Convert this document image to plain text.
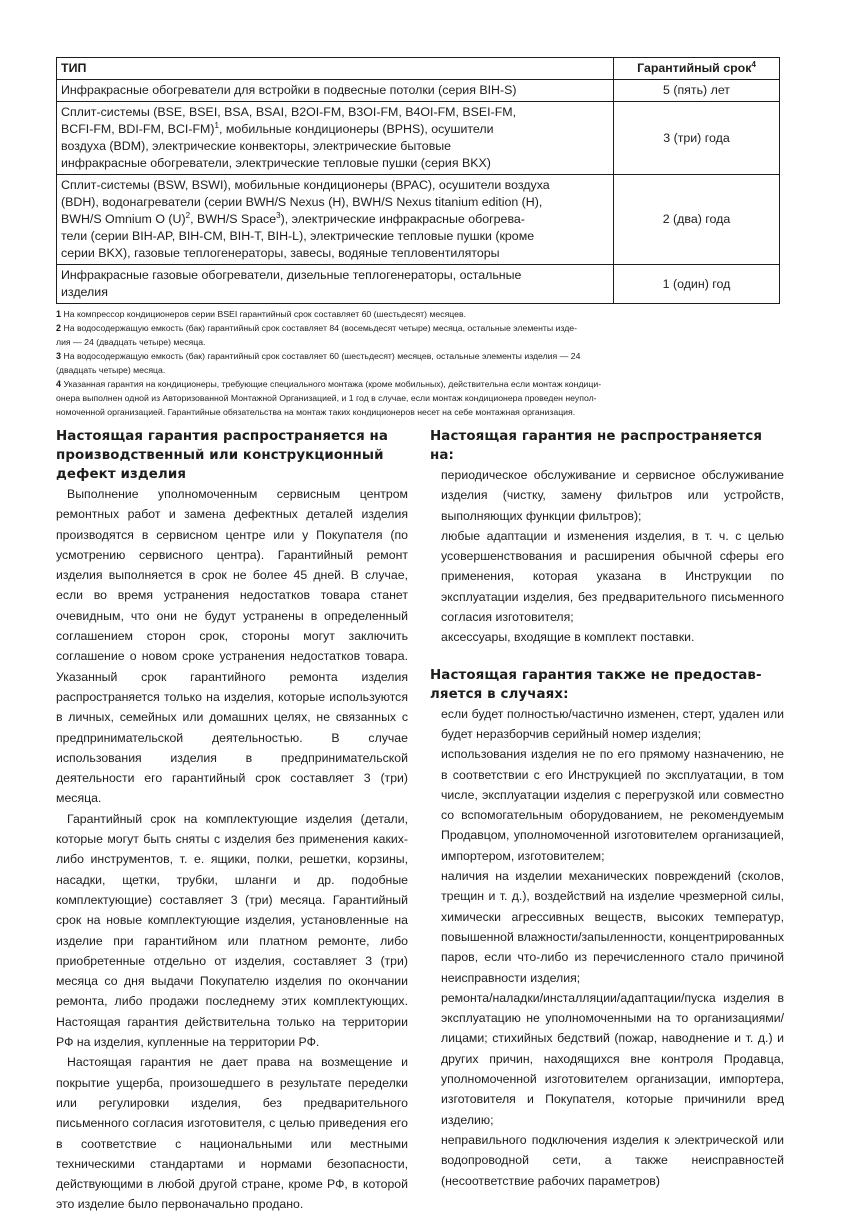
ТИП	Гарантийный срок$^4$
Инфракрасные обогреватели для встройки в подвесные потолки (серия BIH-S)	5 (пять) лет

Сплит-системы (BSE, BSEI, BSA, BSAI, B2OI-FM, B3OI-FM, B4OI-FM, BSEI-FM,
BCFI-FM, BDI-FM, BCI-FM)$^1$, мобильные кондиционеры (BPHS), осушители
воздуха (BDM), электрические конвекторы, электрические бытовые
инфракрасные обогреватели, электрические тепловые пушки (серия BKX)	3 (три) года

Сплит-системы (BSW, BSWI), мобильные кондиционеры (BPAC), осушители воздуха
(BDH), водонагреватели (серии BWH/S Nexus (H), BWH/S Nexus titanium edition (H),
BWH/S Omnium O $(U)^2$, BWH/S Space$^3$), электрические инфракрасные обогрева-
тели (серии BIH-AP, BIH-CM, BIH-T, BIH-L), электрические тепловые пушки (кроме
серии BKX), газовые теплогенераторы, завесы, водяные тепловентиляторы	2 (два) года

Инфракрасные газовые обогреватели, дизельные теплогенераторы, остальные
изделия	1 (один) год
1 На компрессор кондиционеров серии BSEI гарантийный срок составляет 60 (шестьдесят) месяцев.
2 На водосодержащую емкость (бак) гарантийный срок составляет 84 (восемьдесят четыре) месяца, остальные элементы изде-
лия — 24 (двадцать четыре) месяца.
3 На водосодержащую емкость (бак) гарантийный срок составляет 60 (шестьдесят) месяцев, остальные элементы изделия — 24
(двадцать четыре) месяца.
4 Указанная гарантия на кондиционеры, требующие специального монтажа (кроме мобильных), действительна если монтаж кондици-
онера выполнен одной из Авторизованной Монтажной Организацией, и 1 год в случае, если монтаж кондиционера проведен неупол-
номоченной организацией. Гарантийные обязательства на монтаж таких кондиционеров несет на себе монтажная организация.
Настоящая гарантия распространяется на
производственный или конструкционный
дефект изделия

Выполнение уполномоченным сервисным центром ремонтных работ и замена дефектных деталей изделия производятся в сервисном центре или у Покупателя (по усмотрению сервисного центра). Гарантийный ремонт изделия выполняется в срок не более 45 дней. В случае, если во время устранения недостатков товара станет очевидным, что они не будут устранены в определенный соглашением сторон срок, стороны могут заключить соглашение о новом сроке устранения недостатков товара. Указанный срок гарантийного ремонта изделия распространяется только на изделия, которые используются в личных, семейных или домашних целях, не связанных с предпринимательской деятельностью. В случае использования изделия в предпринимательской деятельности его гарантийный срок составляет 3 (три) месяца.

Гарантийный срок на комплектующие изделия (детали, которые могут быть сняты с изделия без применения каких-либо инструментов, т. е. ящики, полки, решетки, корзины, насадки, щетки, трубки, шланги и др. подобные комплектующие) составляет 3 (три) месяца. Гарантийный срок на новые комплектующие изделия, установленные на изделие при гарантийном или платном ремонте, либо приобретенные отдельно от изделия, составляет 3 (три) месяца со дня выдачи Покупателю изделия по окончании ремонта, либо продажи последнему этих комплектующих. Настоящая гарантия действительна только на территории РФ на изделия, купленные на территории РФ.

Настоящая гарантия не дает права на возмещение и покрытие ущерба, произошедшего в результате переделки или регулировки изделия, без предварительного письменного согласия изготовителя, с целью приведения его в соответствие с национальными или местными техническими стандартами и нормами безопасности, действующими в любой другой стране, кроме РФ, в которой это изделие было первоначально продано.

Настоящая гарантия не распространяется на:

периодическое обслуживание и сервисное обслуживание изделия (чистку, замену фильтров или устройств, выполняющих функции фильтров);

любые адаптации и изменения изделия, в т. ч. с целью усовершенствования и расширения обычной сферы его применения, которая указана в Инструкции по эксплуатации изделия, без предварительного письменного согласия изготовителя;

аксессуары, входящие в комплект поставки.

Настоящая гарантия также не предостав-
ляется в случаях:

если будет полностью/частично изменен, стерт, удален или будет неразборчив серийный номер изделия;

использования изделия не по его прямому назначению, не в соответствии с его Инструкцией по эксплуатации, в том числе, эксплуатации изделия с перегрузкой или совместно со вспомогательным оборудованием, не рекомендуемым Продавцом, уполномоченной изготовителем организацией, импортером, изготовителем;

наличия на изделии механических повреждений (сколов, трещин и т. д.), воздействий на изделие чрезмерной силы, химически агрессивных веществ, высоких температур, повышенной влажности/запыленности, концентрированных паров, если что-либо из перечисленного стало причиной неисправности изделия;

ремонта/наладки/инсталляции/адаптации/пуска изделия в эксплуатацию не уполномоченными на то организациями/лицами; стихийных бедствий (пожар, наводнение и т. д.) и других причин, находящихся вне контроля Продавца, уполномоченной изготовителем организации, импортера, изготовителя и Покупателя, которые причинили вред изделию;

неправильного подключения изделия к электрической или водопроводной сети, а также неисправностей (несоответствие рабочих параметров)
